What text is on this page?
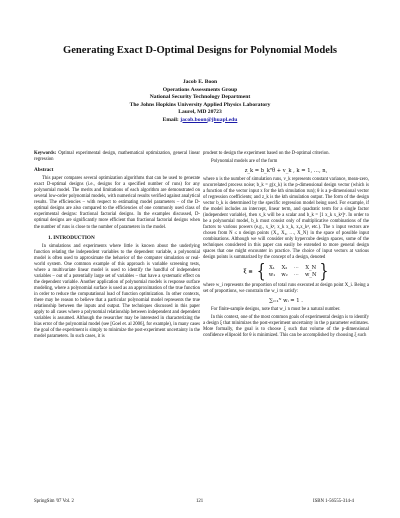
Generating Exact D-Optimal Designs for Polynomial Models
Jacob E. Boon
Operations Assessments Group
National Security Technology Department
The Johns Hopkins University Applied Physics Laboratory
Laurel, MD 20723
Email: jacob.boon@jhuapl.edu

Keywords: Optimal experimental design, mathematical optimization, general linear regression

Abstract

This paper compares several optimization algorithms that can be used to generate exact D-optimal designs (i.e., designs for a specified number of runs) for any polynomial model. The merits and limitations of each algorithm are demonstrated on several low-order polynomial models, with numerical results verified against analytical results. The efficiencies – with respect to estimating model parameters – of the D-optimal designs are also compared to the efficiencies of one commonly used class of experimental designs: fractional factorial designs. In the examples discussed, D-optimal designs are significantly more efficient than fractional factorial designs when the number of runs is close to the number of parameters in the model.

1. INTRODUCTION

In simulations and experiments where little is known about the underlying function relating the independent variables to the dependent variable, a polynomial model is often used to approximate the behavior of the computer simulation or real-world system. One common example of this approach is variable screening tests, where a multivariate linear model is used to identify the handful of independent variables – out of a potentially large set of variables – that have a systematic effect on the dependent variable. Another application of polynomial models is response surface modeling, where a polynomial surface is used as an approximation of the true function in order to reduce the computational load of function optimization. In other contexts, there may be reason to believe that a particular polynomial model represents the true relationship between the inputs and output. The techniques discussed in this paper apply to all cases where a polynomial relationship between independent and dependent variables is assumed. Although the researcher may be interested in characterizing the bias error of the polynomial model (see [Goel et. al 2006], for example), in many cases the goal of the experiment is simply to minimize the post-experiment uncertainty in the model parameters. In such cases, it is

prudent to design the experiment based on the D-optimal criterion.

Polynomial models are of the form

z_k = b_kᵀθ + v_k , k = 1, …, n,

where n is the number of simulation runs, v_k represents constant variance, mean-zero, uncorrelated process noise; b_k = g(x_k) is the p-dimensional design vector (which is a function of the vector input x for the kth simulation run); θ is a p-dimensional vector of regression coefficients; and z_k is the kth simulation output. The form of the design vector b_k is determined by the specific regression model being used. For example, if the model includes an intercept, linear term, and quadratic term for a single factor (independent variable), then x_k will be a scalar and b_k = [1 x_k x_k²]ᵀ. In order to be a polynomial model, b_k must consist only of multiplicative combinations of the factors to various powers (e.g., x_k², x_k x_k, x₂x_k², etc.). The x input vectors are chosen from N ≤ n design points {X₁, X₂, …, X_N} in the space of possible input combinations. Although we will consider only hypercube design spaces, some of the techniques considered in this paper can easily be extended to more general design spaces that one might encounter in practice. The choice of input vectors at various design points is summarized by the concept of a design, denoted

ξ ≡ { X₁	X₂	⋯	X_N
w₁	w₂	⋯	w_N }

where w_i represents the proportion of total runs executed at design point X_i. Being a set of proportions, we constrain the w_i to satisfy:

∑ᵢ₌₁ᴺ wᵢ = 1 .

For finite-sample designs, note that w_i n must be a natural number.

In this context, one of the most common goals of experimental design is to identify a design ξ that minimizes the post-experiment uncertainty in the p parameter estimates. More formally, the goal is to choose ξ such that volume of the p-dimensional confidence ellipsoid for θ is minimized. This can be accomplished by choosing ξ such

SpringSim '07 Vol. 2	121	ISBN 1-56555-314-4
